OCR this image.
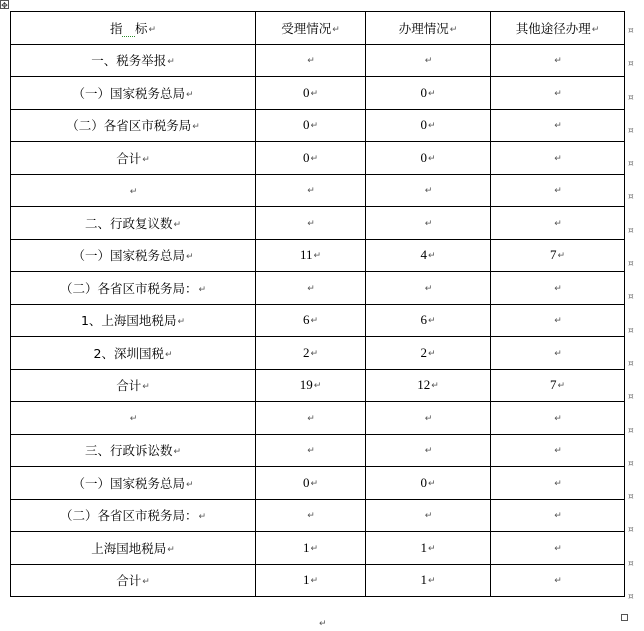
✥
指   标↵	受理情况↵	办理情况↵	其他途径办理↵
一、税务举报↵	↵	↵	↵
（一）国家税务总局↵	0↵	0↵	↵
（二）各省区市税务局↵	0↵	0↵	↵
合计↵	0↵	0↵	↵
↵	↵	↵	↵
二、行政复议数↵	↵	↵	↵
（一）国家税务总局↵	11↵	4↵	7↵
（二）各省区市税务局：↵	↵	↵	↵
1、上海国地税局↵	6↵	6↵	↵
2、深圳国税↵	2↵	2↵	↵
合计↵	19↵	12↵	7↵
↵	↵	↵	↵
三、行政诉讼数↵	↵	↵	↵
（一）国家税务总局↵	0↵	0↵	↵
（二）各省区市税务局：↵	↵	↵	↵
上海国地税局↵	1↵	1↵	↵
合计↵	1↵	1↵	↵
↵
¤
¤
¤
¤
¤
¤
¤
¤
¤
¤
¤
¤
¤
¤
¤
¤
¤
¤
